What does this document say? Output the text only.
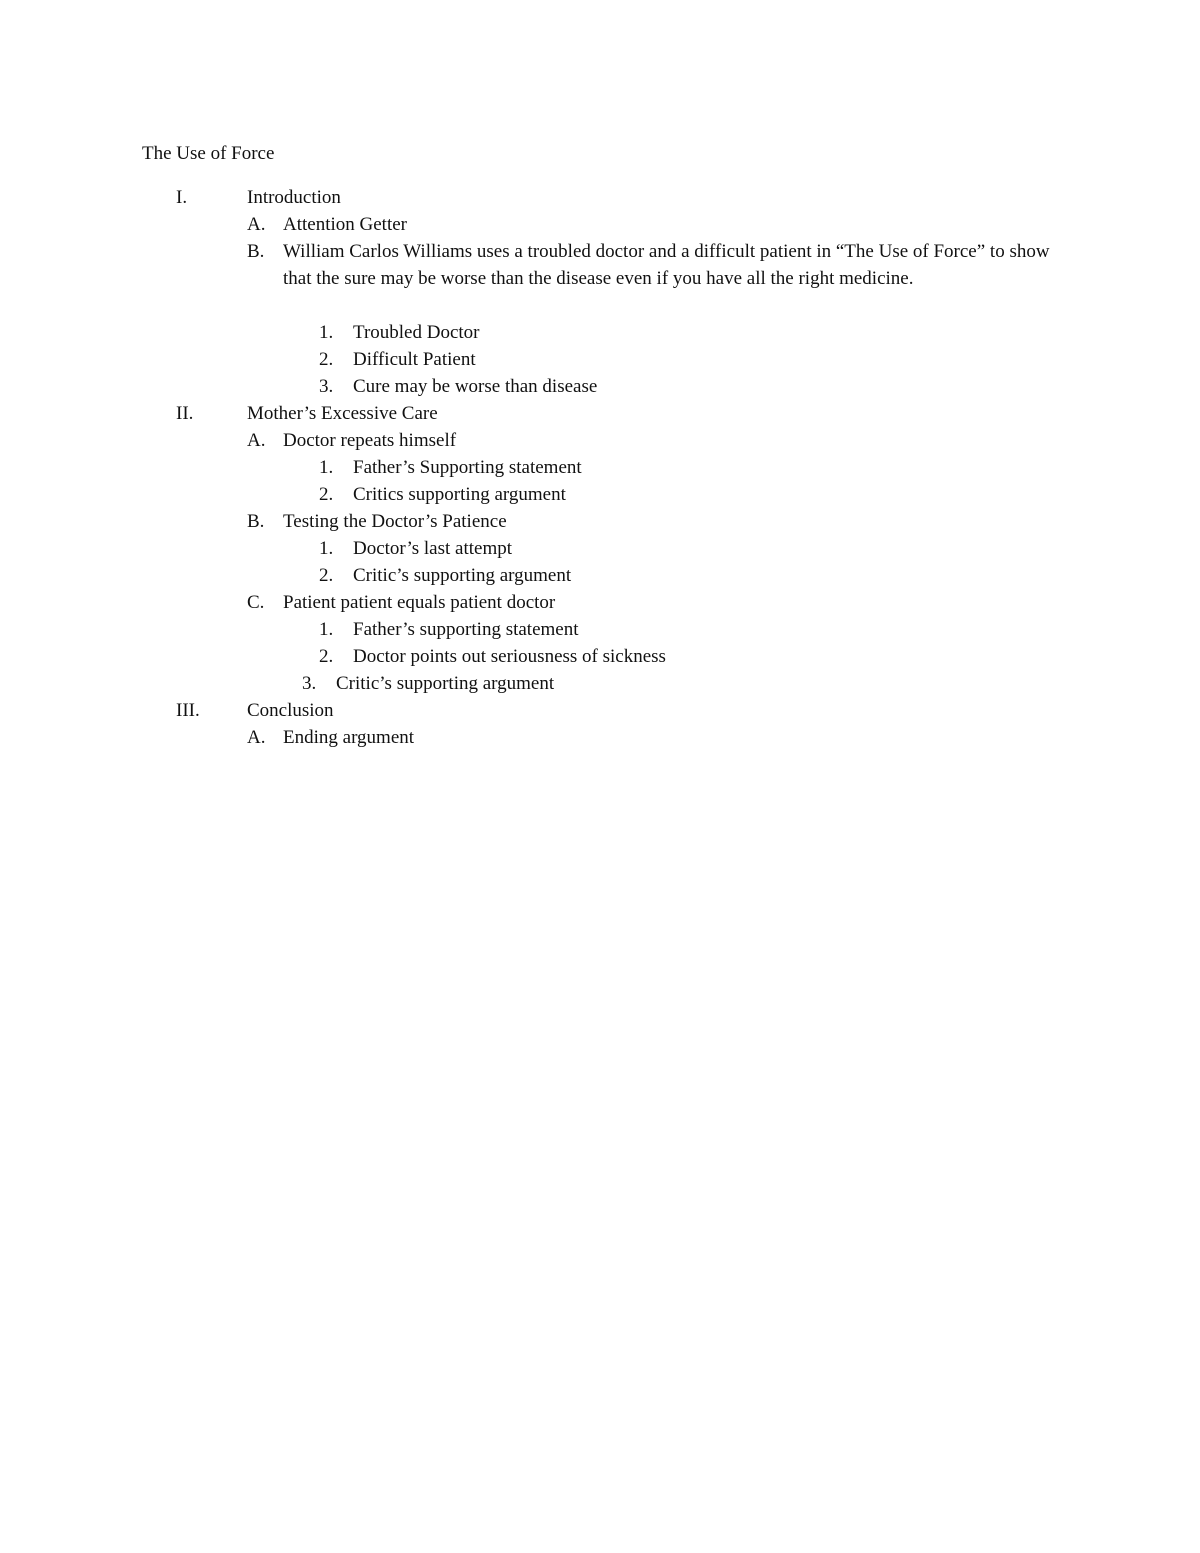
The Use of Force
I.	Introduction
A. Attention Getter
B. William Carlos Williams uses a troubled doctor and a difficult patient in “The Use of Force” to show that the sure may be worse than the disease even if you have all the right medicine.
1. Troubled Doctor
2. Difficult Patient
3. Cure may be worse than disease
II.	Mother’s Excessive Care
A. Doctor repeats himself
1. Father’s Supporting statement
2. Critics supporting argument
B. Testing the Doctor’s Patience
1. Doctor’s last attempt
2. Critic’s supporting argument
C. Patient patient equals patient doctor
1. Father’s supporting statement
2. Doctor points out seriousness of sickness
3. Critic’s supporting argument
III. Conclusion
A. Ending argument
